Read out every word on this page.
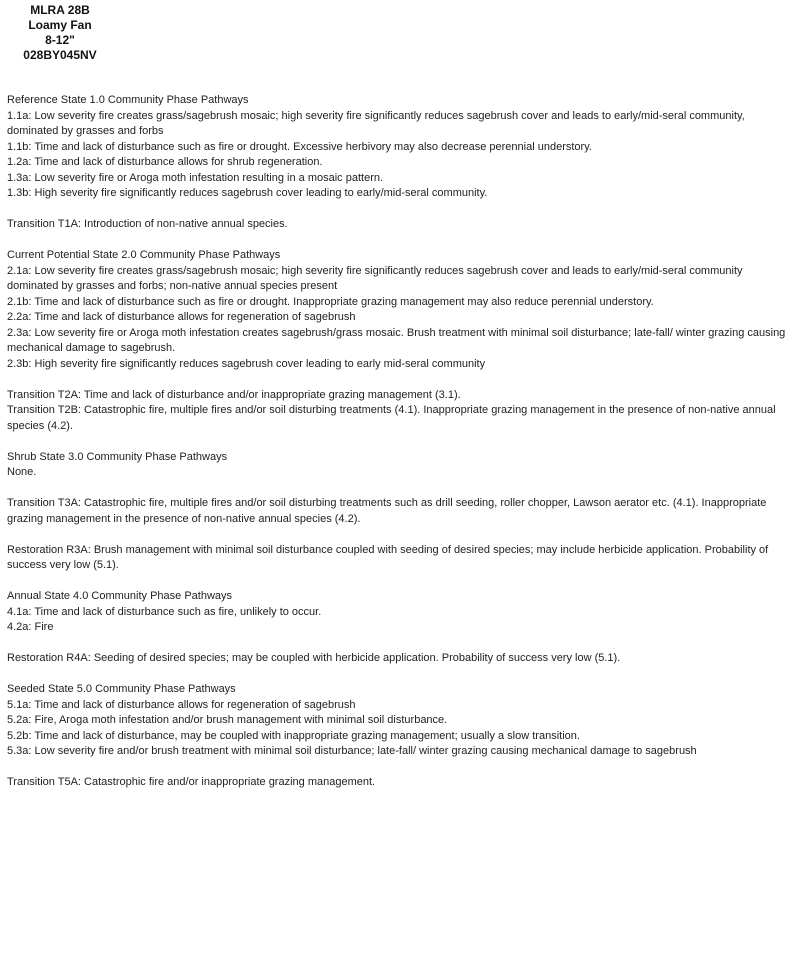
MLRA 28B
Loamy Fan
8-12"
028BY045NV
Reference State 1.0 Community Phase Pathways
1.1a: Low severity fire creates grass/sagebrush mosaic; high severity fire significantly reduces sagebrush cover and leads to early/mid-seral community, dominated by grasses and forbs
1.1b: Time and lack of disturbance such as fire or drought. Excessive herbivory may also decrease perennial understory.
1.2a: Time and lack of disturbance allows for shrub regeneration.
1.3a: Low severity fire or Aroga moth infestation resulting in a mosaic pattern.
1.3b: High severity fire significantly reduces sagebrush cover leading to early/mid-seral community.
Transition T1A: Introduction of non-native annual species.
Current Potential State 2.0 Community Phase Pathways
2.1a: Low severity fire creates grass/sagebrush mosaic; high severity fire significantly reduces sagebrush cover and leads to early/mid-seral community dominated by grasses and forbs; non-native annual species present
2.1b: Time and lack of disturbance such as fire or drought. Inappropriate grazing management may also reduce perennial understory.
2.2a: Time and lack of disturbance allows for regeneration of sagebrush
2.3a: Low severity fire or Aroga moth infestation creates sagebrush/grass mosaic. Brush treatment with minimal soil disturbance; late-fall/ winter grazing causing mechanical damage to sagebrush.
2.3b: High severity fire significantly reduces sagebrush cover leading to early mid-seral community
Transition T2A: Time and lack of disturbance and/or inappropriate grazing management (3.1).
Transition T2B: Catastrophic fire, multiple fires and/or soil disturbing treatments (4.1). Inappropriate grazing management in the presence of non-native annual species (4.2).
Shrub State 3.0 Community Phase Pathways
None.
Transition T3A: Catastrophic fire, multiple fires and/or soil disturbing treatments such as drill seeding, roller chopper, Lawson aerator etc. (4.1). Inappropriate grazing management in the presence of non-native annual species (4.2).
Restoration R3A: Brush management with minimal soil disturbance coupled with seeding of desired species; may include herbicide application. Probability of success very low (5.1).
Annual State 4.0 Community Phase Pathways
4.1a: Time and lack of disturbance such as fire, unlikely to occur.
4.2a: Fire
Restoration R4A: Seeding of desired species; may be coupled with herbicide application. Probability of success very low (5.1).
Seeded State 5.0 Community Phase Pathways
5.1a: Time and lack of disturbance allows for regeneration of sagebrush
5.2a: Fire, Aroga moth infestation and/or brush management with minimal soil disturbance.
5.2b: Time and lack of disturbance, may be coupled with inappropriate grazing management; usually a slow transition.
5.3a: Low severity fire and/or brush treatment with minimal soil disturbance; late-fall/ winter grazing causing mechanical damage to sagebrush
Transition T5A: Catastrophic fire and/or inappropriate grazing management.
